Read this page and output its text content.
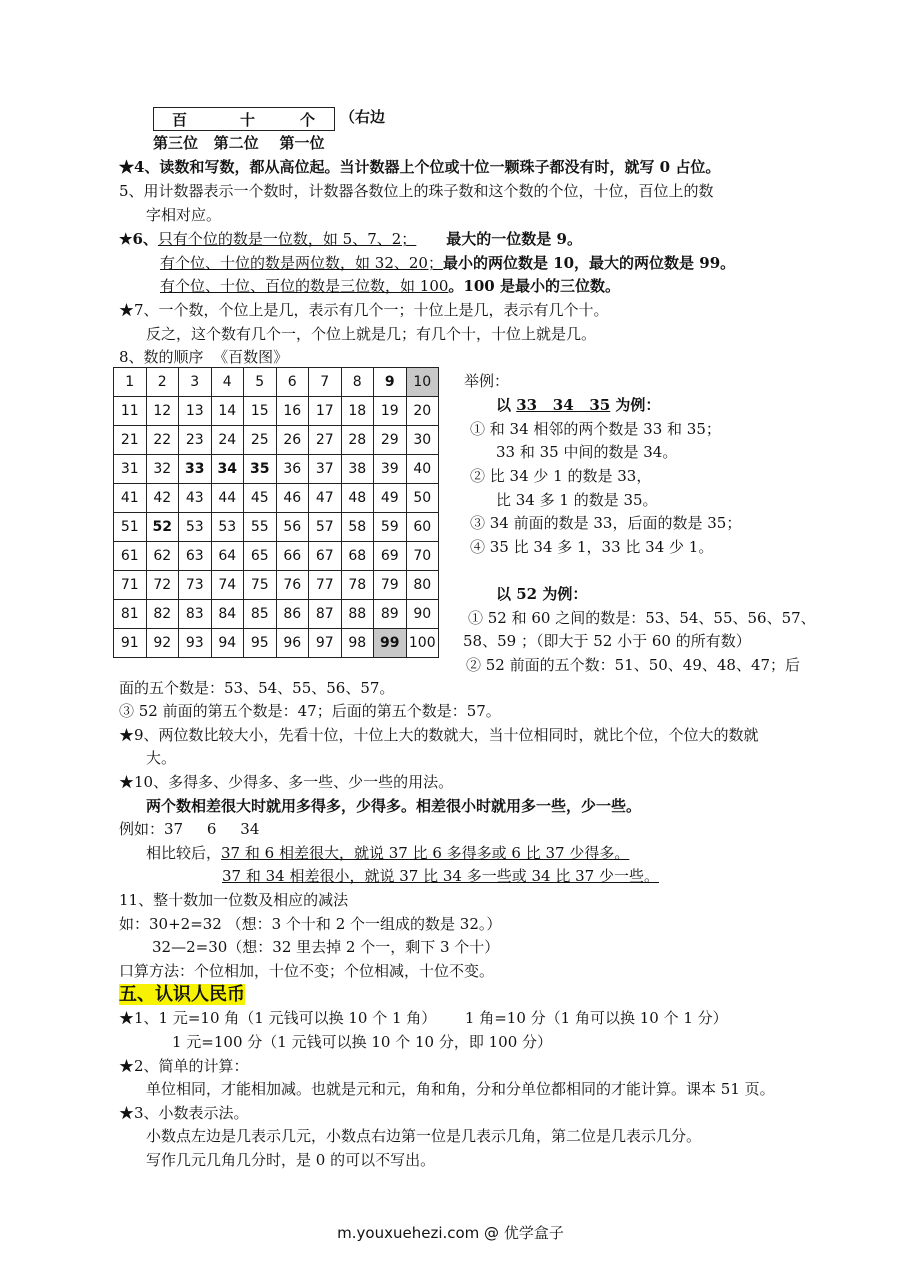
百	十	个 （右边
第三位   第二位    第一位
★4、读数和写数，都从高位起。当计数器上个位或十位一颗珠子都没有时，就写 0 占位。
5、用计数器表示一个数时，计数器各数位上的珠子数和这个数的个位，十位，百位上的数
字相对应。
★6、只有个位的数是一位数，如 5、7、2； 最大的一位数是 9。
有个位、十位的数是两位数，如 32、20；最小的两位数是 10，最大的两位数是 99。
有个位、十位、百位的数是三位数，如 100。100 是最小的三位数。
★7、一个数，个位上是几，表示有几个一；十位上是几，表示有几个十。
反之，这个数有几个一，个位上就是几；有几个十，十位上就是几。
8、数的顺序  《百数图》
1	2	3	4	5	6	7	8	9	10
11	12	13	14	15	16	17	18	19	20
21	22	23	24	25	26	27	28	29	30
31	32	33	34	35	36	37	38	39	40
41	42	43	44	45	46	47	48	49	50
51	52	53	53	55	56	57	58	59	60
61	62	63	64	65	66	67	68	69	70
71	72	73	74	75	76	77	78	79	80
81	82	83	84	85	86	87	88	89	90
91	92	93	94	95	96	97	98	99	100
举例：
以 33   34   35 为例：
① 和 34 相邻的两个数是 33 和 35；
33 和 35 中间的数是 34。
② 比 34 少 1 的数是 33，
比 34 多 1 的数是 35。
③ 34 前面的数是 33，后面的数是 35；
④ 35 比 34 多 1，33 比 34 少 1。
以 52 为例：
① 52 和 60 之间的数是：53、54、55、56、57、
58、59 ；（即大于 52 小于 60 的所有数）
② 52 前面的五个数：51、50、49、48、47；后
面的五个数是：53、54、55、56、57。
③ 52 前面的第五个数是：47；后面的第五个数是：57。
★9、两位数比较大小，先看十位，十位上大的数就大，当十位相同时，就比个位，个位大的数就
大。
★10、多得多、少得多、多一些、少一些的用法。
两个数相差很大时就用多得多，少得多。相差很小时就用多一些，少一些。
例如：37     6     34
相比较后，37 和 6 相差很大，就说 37 比 6 多得多或 6 比 37 少得多。
37 和 34 相差很小，就说 37 比 34 多一些或 34 比 37 少一些。
11、整十数加一位数及相应的减法
如：30+2=32 （想：3 个十和 2 个一组成的数是 32。）
32—2=30（想：32 里去掉 2 个一，剩下 3 个十）
口算方法：个位相加，十位不变；个位相减，十位不变。
五、认识人民币
★1、1 元=10 角（1 元钱可以换 10 个 1 角）      1 角=10 分（1 角可以换 10 个 1 分）
1 元=100 分（1 元钱可以换 10 个 10 分，即 100 分）
★2、简单的计算：
单位相同，才能相加减。也就是元和元，角和角，分和分单位都相同的才能计算。课本 51 页。
★3、小数表示法。
小数点左边是几表示几元，小数点右边第一位是几表示几角，第二位是几表示几分。
写作几元几角几分时，是 0 的可以不写出。
m.youxuehezi.com @ 优学盒子
